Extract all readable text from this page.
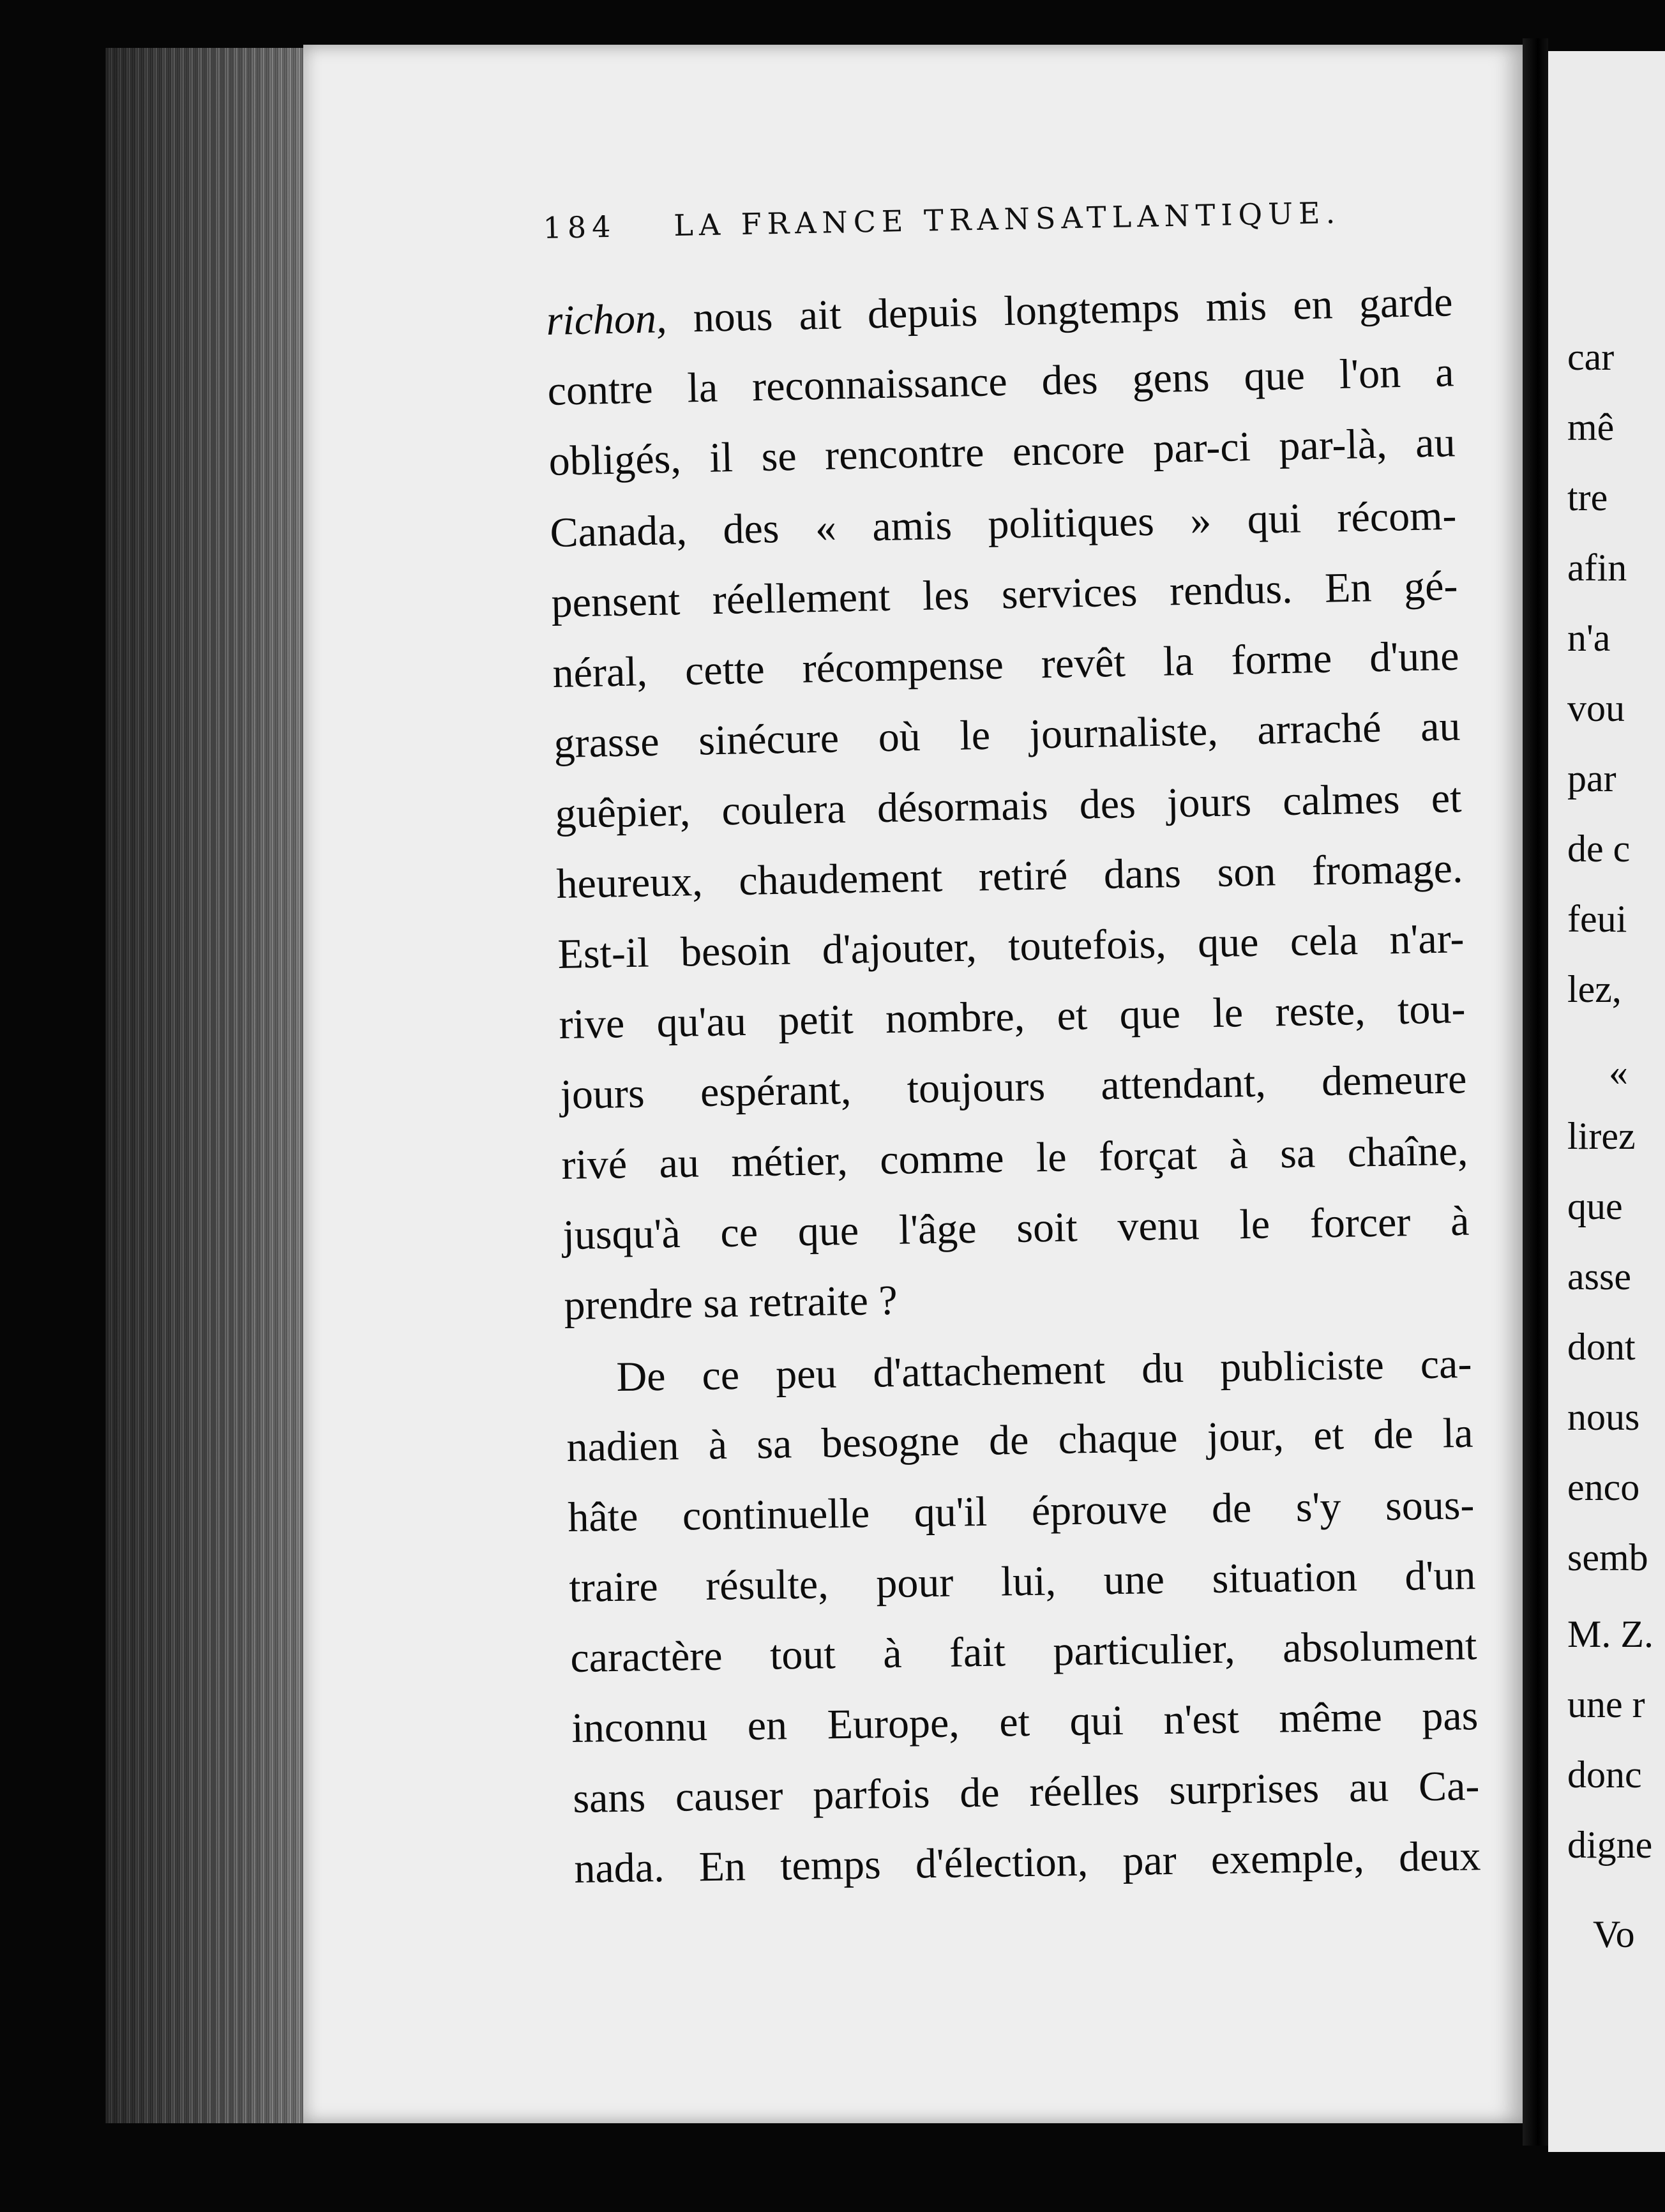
184 LA FRANCE TRANSATLANTIQUE.
richon, nous ait depuis longtemps mis en garde
contre la reconnaissance des gens que l'on a
obligés, il se rencontre encore par-ci par-là, au
Canada, des « amis politiques » qui récom-
pensent réellement les services rendus. En gé-
néral, cette récompense revêt la forme d'une
grasse sinécure où le journaliste, arraché au
guêpier, coulera désormais des jours calmes et
heureux, chaudement retiré dans son fromage.
Est-il besoin d'ajouter, toutefois, que cela n'ar-
rive qu'au petit nombre, et que le reste, tou-
jours espérant, toujours attendant, demeure
rivé au métier, comme le forçat à sa chaîne,
jusqu'à ce que l'âge soit venu le forcer à
prendre sa retraite ?
De ce peu d'attachement du publiciste ca-
nadien à sa besogne de chaque jour, et de la
hâte continuelle qu'il éprouve de s'y sous-
traire résulte, pour lui, une situation d'un
caractère tout à fait particulier, absolument
inconnu en Europe, et qui n'est même pas
sans causer parfois de réelles surprises au Ca-
nada. En temps d'élection, par exemple, deux
car
mê
tre
afin
n'a
vou
par
de c
feui
lez,
«
lirez
que
asse
dont
nous
enco
semb
M. Z.
une r
donc
digne
Vo
